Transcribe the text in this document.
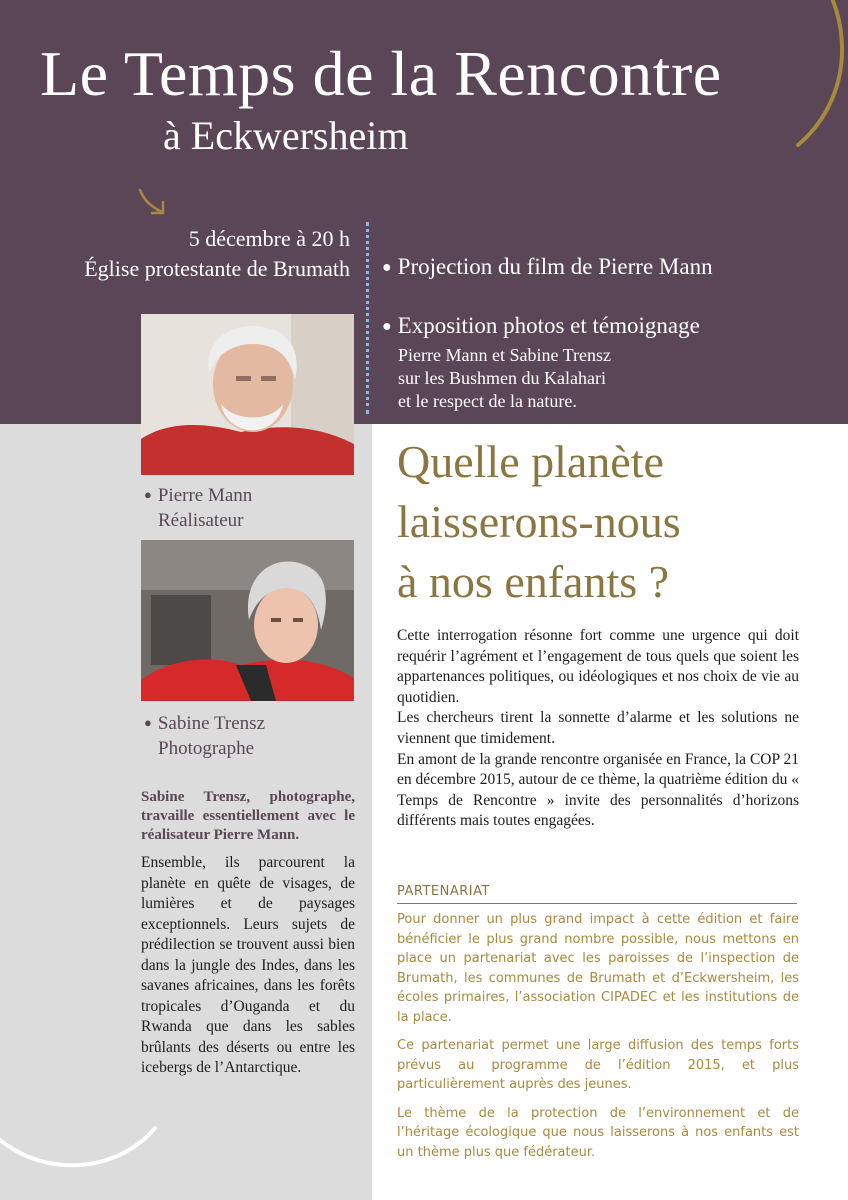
Le Temps de la Rencontre
à Eckwersheim
5 décembre à 20 h
Église protestante de Brumath ● Projection du film de Pierre Mann
● Exposition photos et témoignage
Pierre Mann et Sabine Trensz
sur les Bushmen du Kalahari
et le respect de la nature.
● Pierre Mann
Réalisateur
● Sabine Trensz
Photographe

Sabine Trensz, photographe, travaille essentiellement avec le réalisateur Pierre Mann.

Ensemble, ils parcourent la planète en quête de visages, de lumières et de paysages exceptionnels. Leurs sujets de prédilection se trouvent aussi bien dans la jungle des Indes, dans les savanes africaines, dans les forêts tropicales d’Ouganda et du Rwanda que dans les sables brûlants des déserts ou entre les icebergs de l’Antarctique.

Quelle planète
laisserons-nous
à nos enfants ?

Cette interrogation résonne fort comme une urgence qui doit requérir l’agrément et l’engagement de tous quels que soient les appartenances politiques, ou idéologiques et nos choix de vie au quotidien.

Les chercheurs tirent la sonnette d’alarme et les solutions ne viennent que timidement.

En amont de la grande rencontre organisée en France, la COP 21 en décembre 2015, autour de ce thème, la quatrième édition du « Temps de Rencontre » invite des personnalités d’horizons différents mais toutes engagées.

PARTENARIAT

Pour donner un plus grand impact à cette édition et faire bénéficier le plus grand nombre possible, nous mettons en place un partenariat avec les paroisses de l’inspection de Brumath, les communes de Brumath et d’Eckwersheim, les écoles primaires, l’association CIPADEC et les institutions de la place.

Ce partenariat permet une large diffusion des temps forts prévus au programme de l’édition 2015, et plus particulièrement auprès des jeunes.

Le thème de la protection de l’environnement et de l’héritage écologique que nous laisserons à nos enfants est un thème plus que fédérateur.
